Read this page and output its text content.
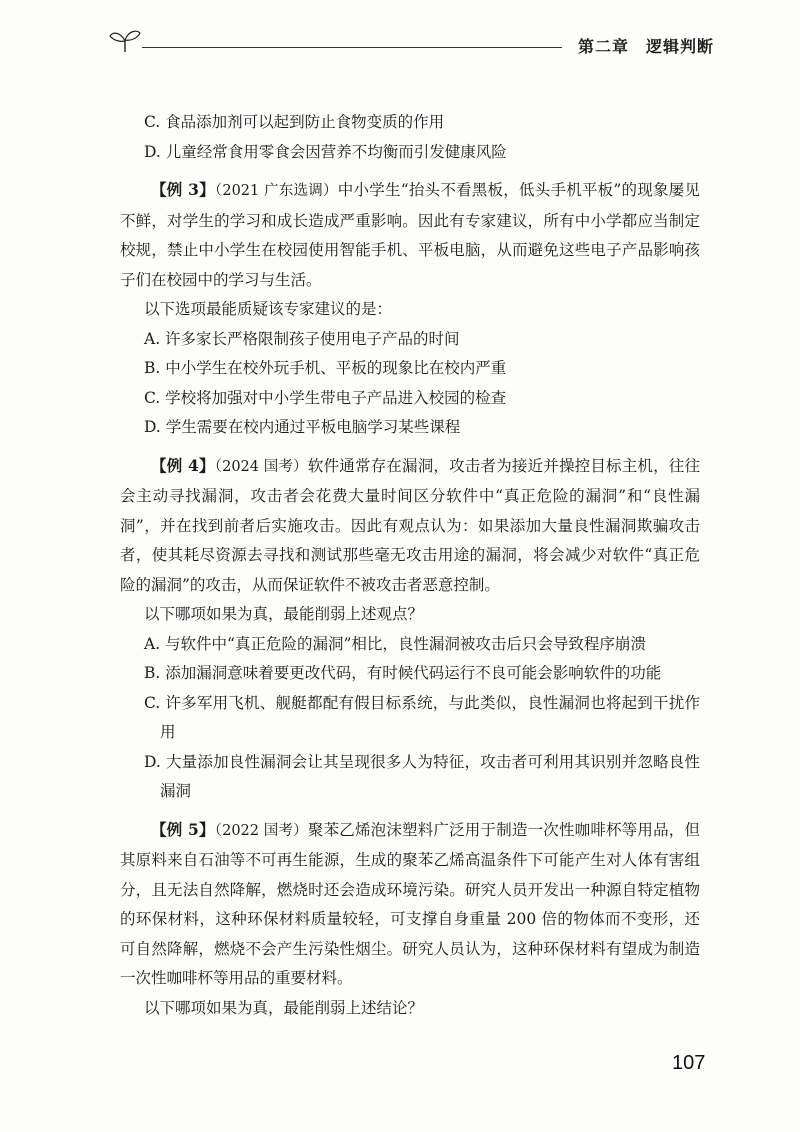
第二章　逻辑判断

C. 食品添加剂可以起到防止食物变质的作用

D. 儿童经常食用零食会因营养不均衡而引发健康风险

【例 3】（2021 广东选调）中小学生“抬头不看黑板，低头手机平板”的现象屡见不鲜，对学生的学习和成长造成严重影响。因此有专家建议，所有中小学都应当制定校规，禁止中小学生在校园使用智能手机、平板电脑，从而避免这些电子产品影响孩子们在校园中的学习与生活。

以下选项最能质疑该专家建议的是：

A. 许多家长严格限制孩子使用电子产品的时间

B. 中小学生在校外玩手机、平板的现象比在校内严重

C. 学校将加强对中小学生带电子产品进入校园的检查

D. 学生需要在校内通过平板电脑学习某些课程

【例 4】（2024 国考）软件通常存在漏洞，攻击者为接近并操控目标主机，往往会主动寻找漏洞，攻击者会花费大量时间区分软件中“真正危险的漏洞”和“良性漏洞”，并在找到前者后实施攻击。因此有观点认为：如果添加大量良性漏洞欺骗攻击者，使其耗尽资源去寻找和测试那些毫无攻击用途的漏洞，将会减少对软件“真正危险的漏洞”的攻击，从而保证软件不被攻击者恶意控制。

以下哪项如果为真，最能削弱上述观点？

A. 与软件中“真正危险的漏洞”相比，良性漏洞被攻击后只会导致程序崩溃

B. 添加漏洞意味着要更改代码，有时候代码运行不良可能会影响软件的功能

C. 许多军用飞机、舰艇都配有假目标系统，与此类似，良性漏洞也将起到干扰作用

D. 大量添加良性漏洞会让其呈现很多人为特征，攻击者可利用其识别并忽略良性漏洞

【例 5】（2022 国考）聚苯乙烯泡沫塑料广泛用于制造一次性咖啡杯等用品，但其原料来自石油等不可再生能源，生成的聚苯乙烯高温条件下可能产生对人体有害组分，且无法自然降解，燃烧时还会造成环境污染。研究人员开发出一种源自特定植物的环保材料，这种环保材料质量较轻，可支撑自身重量 200 倍的物体而不变形，还可自然降解，燃烧不会产生污染性烟尘。研究人员认为，这种环保材料有望成为制造一次性咖啡杯等用品的重要材料。

以下哪项如果为真，最能削弱上述结论？

107
